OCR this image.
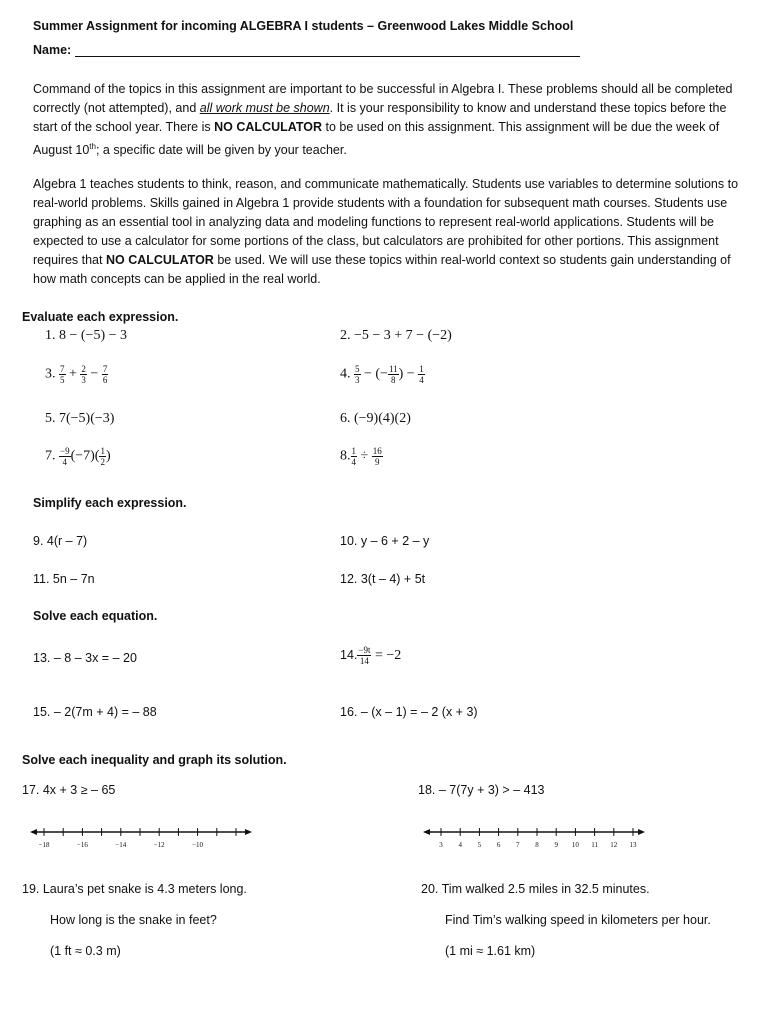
Summer Assignment for incoming ALGEBRA I students – Greenwood Lakes Middle School
Name:
Command of the topics in this assignment are important to be successful in Algebra I. These problems should all be completed correctly (not attempted), and all work must be shown. It is your responsibility to know and understand these topics before the start of the school year. There is NO CALCULATOR to be used on this assignment. This assignment will be due the week of August 10th; a specific date will be given by your teacher.
Algebra 1 teaches students to think, reason, and communicate mathematically. Students use variables to determine solutions to real-world problems. Skills gained in Algebra 1 provide students with a foundation for subsequent math courses. Students use graphing as an essential tool in analyzing data and modeling functions to represent real-world applications. Students will be expected to use a calculator for some portions of the class, but calculators are prohibited for other portions. This assignment requires that NO CALCULATOR be used. We will use these topics within real-world context so students gain understanding of how math concepts can be applied in the real world.
Evaluate each expression.
1. 8 − (−5) − 3	2. −5 − 3 + 7 − (−2)
3. $\frac{7}{5} + \frac{2}{3} - \frac{7}{6}$	4. $\frac{5}{3}$ − (− $\frac{11}{8}$ ) − $\frac{1}{4}$
5. 7(−5)(−3)	6. (−9)(4)(2)
7. $\frac{-9}{4} (-7)( \frac{1}{2}$ )	8. $\frac{1}{4} \div \frac{16}{9}$
Simplify each expression.
9. 4(r – 7)	10. y – 6 + 2 – y
11. 5n – 7n	12. 3(t – 4) + 5t
Solve each equation.
13. – 8 – 3x = – 20	14. $\frac{-9t}{14} = -2$
15. – 2(7m + 4) = – 88	16. – (x – 1) = – 2 (x + 3)
Solve each inequality and graph its solution.
17. 4x + 3 ≥ – 65	18. – 7(7y + 3) > – 413
−18	−16	−14	−12	−10	3 4 5 6 7 8 9 10 11 12 13
19. Laura’s pet snake is 4.3 meters long.
How long is the snake in feet?
(1 ft ≈ 0.3 m)
20. Tim walked 2.5 miles in 32.5 minutes.
Find Tim’s walking speed in kilometers per hour.
(1 mi ≈ 1.61 km)
